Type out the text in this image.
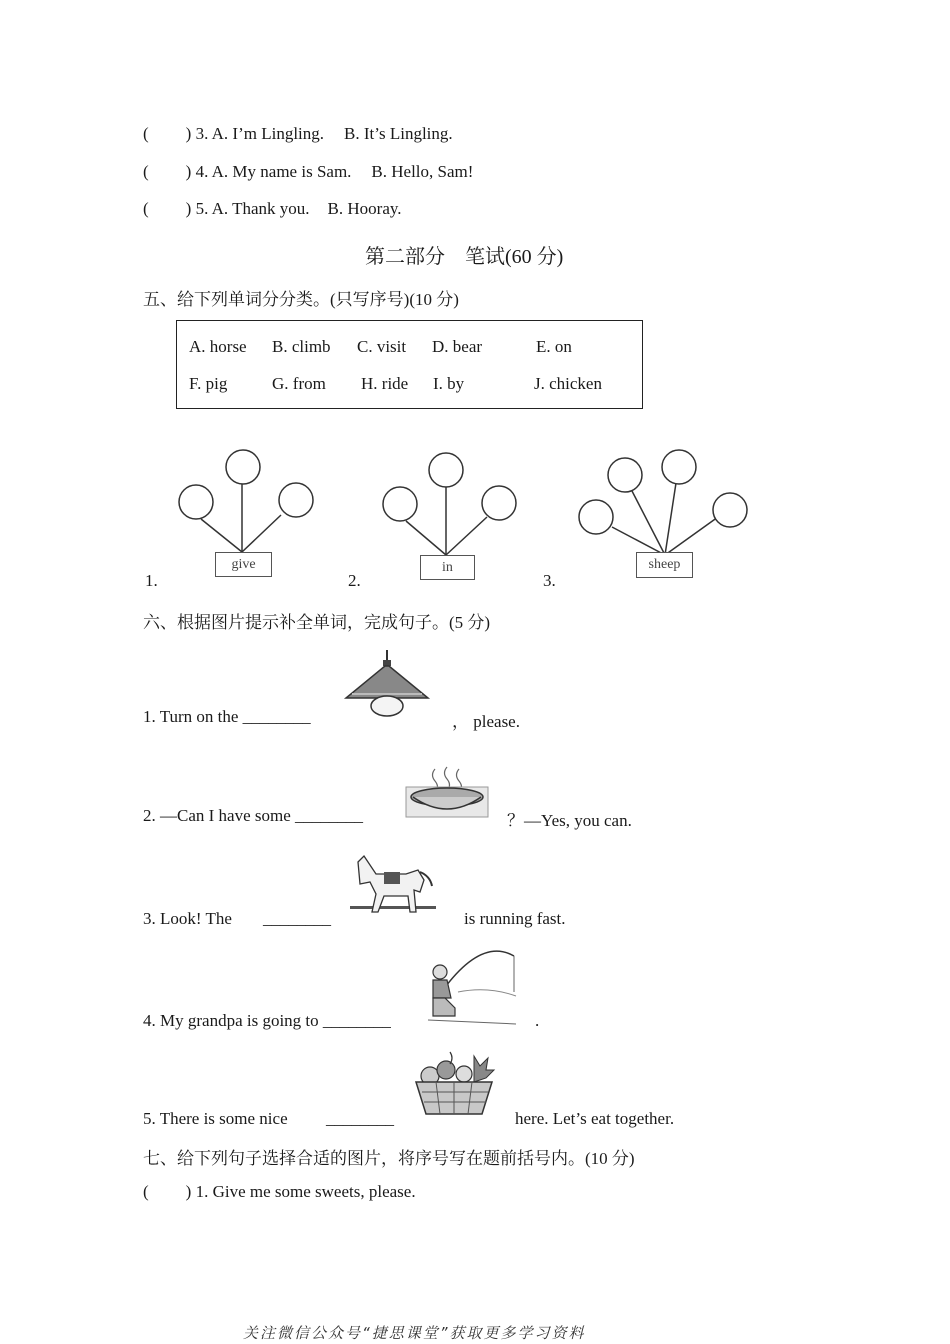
( ) 3. A. I’m Lingling. B. It’s Lingling.
( ) 4. A. My name is Sam. B. Hello, Sam!
( ) 5. A. Thank you. B. Hooray.
第二部分　笔试(60 分)
五、给下列单词分分类。(只写序号)(10 分)
A. horse B. climb C. visit D. bear	E. on
F. pig	G. from H. ride I. by	J. chicken
1.
give
2.
in
3.
sheep
六、根据图片提示补全单词，完成句子。(5 分)
1. Turn on the ________	， please.
2. —Can I have some ________	？—Yes, you can.
3. Look! The ________	is running fast.
4. My grandpa is going to ________	.
5. There is some nice ________	here. Let’s eat together.
七、给下列句子选择合适的图片，将序号写在题前括号内。(10 分)
( ) 1. Give me some sweets, please.
关注微信公众号“捷思课堂”获取更多学习资料
